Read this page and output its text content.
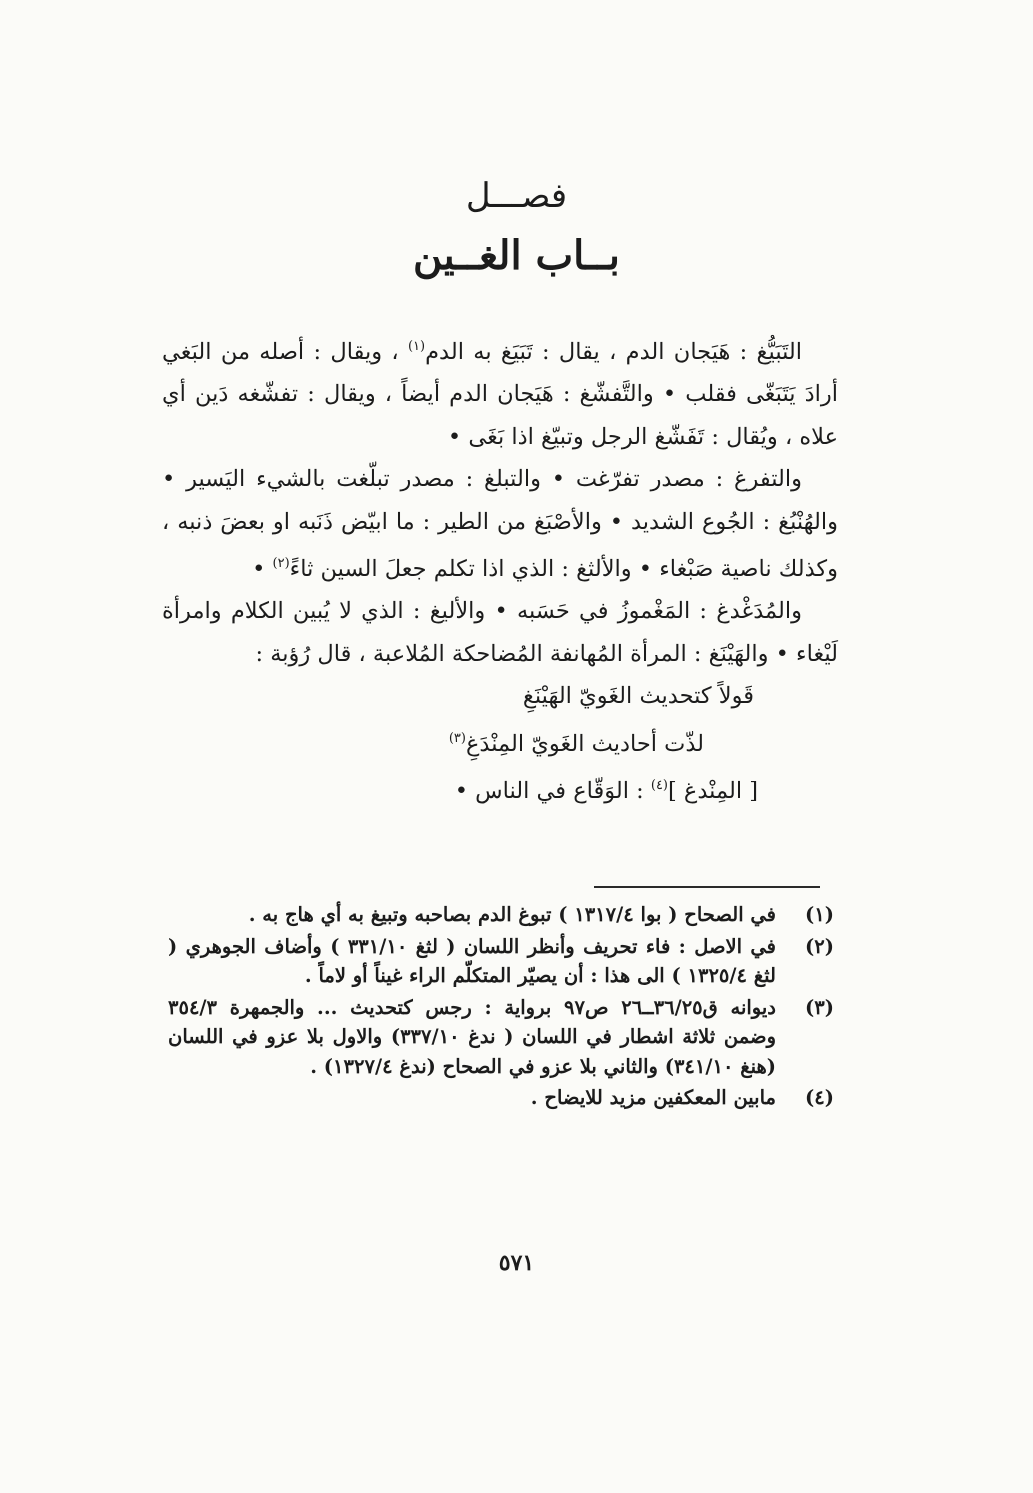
فصـــل
بــاب الغــين

التَبَيُّغ : هَيَجان الدم ، يقال : تَبَيَغ به الدم$^{(١)}$ ، ويقال : أصله من البَغي أرادَ يَتَبَغّى فقلب • والتَّفشّغ : هَيَجان الدم أيضاً ، ويقال : تفشّغه دَين أي علاه ، ويُقال : تَفَشّغ الرجل وتبيّغ اذا بَغَى •

والتفرغ : مصدر تفرّغت • والتبلغ : مصدر تبلّغت بالشيء اليَسير • والهُنْبُغ : الجُوع الشديد • والأصْبَغ من الطير : ما ابيّض ذَنَبه او بعضَ ذنبه ، وكذلك ناصية صَبْغاء • والألثغ : الذي اذا تكلم جعلَ السين ثاءً$^{(٢)}$ •

والمُدَغْدغ : المَغْموزُ في حَسَبه • والأليغ : الذي لا يُبين الكلام وامرأة لَيْغاء • والهَيْنَغ : المرأة المُهانفة المُضاحكة المُلاعبة ، قال رُؤبة :

قَولاً كتحديث الغَويّ الهَيْنَغِ

لذّت أحاديث الغَويّ المِنْدَغِ$^{(٣)}$

[ المِنْدغ ]$^{(٤)}$ : الوَقّاع في الناس •

(١)
في الصحاح ( بوا ١٣١٧/٤ ) تبوغ الدم بصاحبه وتبيغ به أي هاج به .
(٢)
في الاصل : فاء تحريف وأنظر اللسان ( لثغ ٣٣١/١٠ ) وأضاف الجوهري ( لثغ ١٣٢٥/٤ ) الى هذا : أن يصيّر المتكلّم الراء غيناً أو لاماً .
(٣)
ديوانه ق٣٦/٢٥ــ٢٦ ص٩٧ برواية : رجس كتحديث ... والجمهرة ٣٥٤/٣ وضمن ثلاثة اشطار في اللسان ( ندغ ٣٣٧/١٠) والاول بلا عزو في اللسان (هنغ ٣٤١/١٠) والثاني بلا عزو في الصحاح (ندغ ١٣٢٧/٤) .
(٤)
مابين المعكفين مزيد للايضاح .
٥٧١
